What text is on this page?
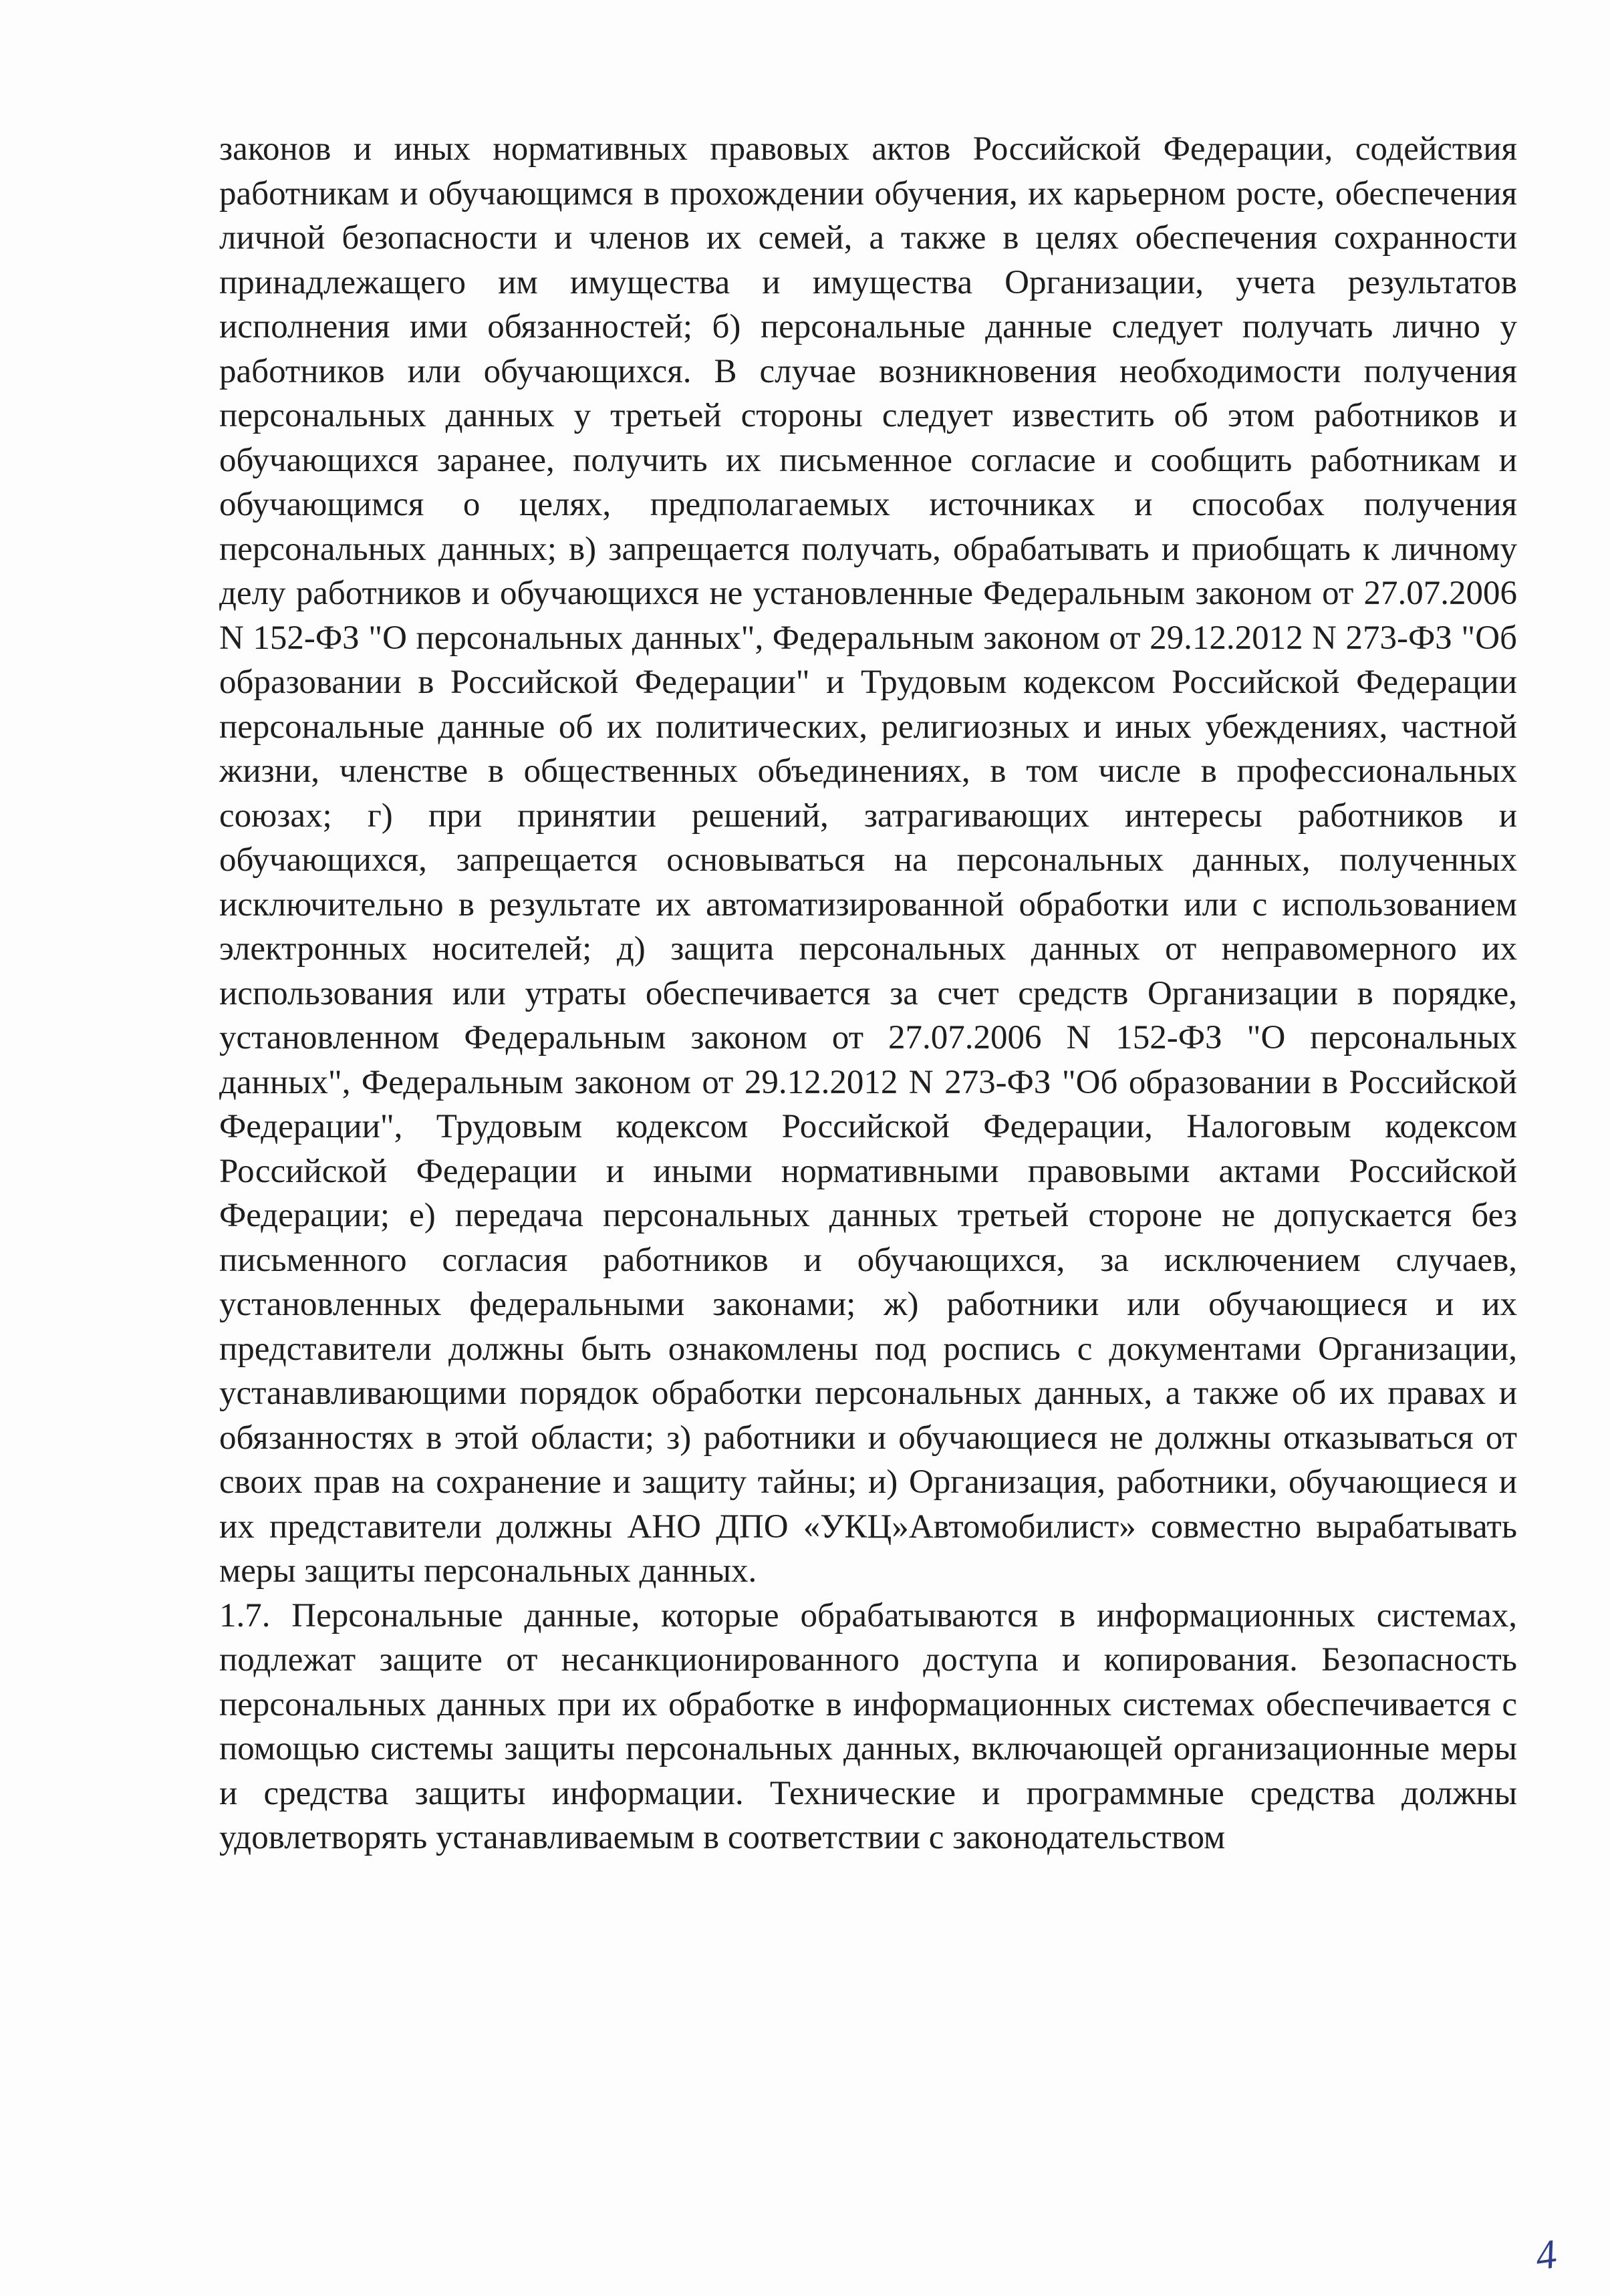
законов и иных нормативных правовых актов Российской Федерации, содействия работникам и обучающимся в прохождении обучения, их карьерном росте, обеспечения личной безопасности и членов их семей, а также в целях обеспечения сохранности принадлежащего им имущества и имущества Организации, учета результатов исполнения ими обязанностей; б) персональные данные следует получать лично у работников или обучающихся. В случае возникновения необходимости получения персональных данных у третьей стороны следует известить об этом работников и обучающихся заранее, получить их письменное согласие и сообщить работникам и обучающимся о целях, предполагаемых источниках и способах получения персональных данных; в) запрещается получать, обрабатывать и приобщать к личному делу работников и обучающихся не установленные Федеральным законом от 27.07.2006 N 152-ФЗ "О персональных данных", Федеральным законом от 29.12.2012 N 273-ФЗ "Об образовании в Российской Федерации" и Трудовым кодексом Российской Федерации персональные данные об их политических, религиозных и иных убеждениях, частной жизни, членстве в общественных объединениях, в том числе в профессиональных союзах; г) при принятии решений, затрагивающих интересы работников и обучающихся, запрещается основываться на персональных данных, полученных исключительно в результате их автоматизированной обработки или с использованием электронных носителей; д) защита персональных данных от неправомерного их использования или утраты обеспечивается за счет средств Организации в порядке, установленном Федеральным законом от 27.07.2006 N 152-ФЗ "О персональных данных", Федеральным законом от 29.12.2012 N 273-ФЗ "Об образовании в Российской Федерации", Трудовым кодексом Российской Федерации, Налоговым кодексом Российской Федерации и иными нормативными правовыми актами Российской Федерации; е) передача персональных данных третьей стороне не допускается без письменного согласия работников и обучающихся, за исключением случаев, установленных федеральными законами; ж) работники или обучающиеся и их представители должны быть ознакомлены под роспись с документами Организации, устанавливающими порядок обработки персональных данных, а также об их правах и обязанностях в этой области; з) работники и обучающиеся не должны отказываться от своих прав на сохранение и защиту тайны; и) Организация, работники, обучающиеся и их представители должны АНО ДПО «УКЦ»Автомобилист» совместно вырабатывать меры защиты персональных данных.

1.7. Персональные данные, которые обрабатываются в информационных системах, подлежат защите от несанкционированного доступа и копирования. Безопасность персональных данных при их обработке в информационных системах обеспечивается с помощью системы защиты персональных данных, включающей организационные меры и средства защиты информации. Технические и программные средства должны удовлетворять устанавливаемым в соответствии с законодательством

4
